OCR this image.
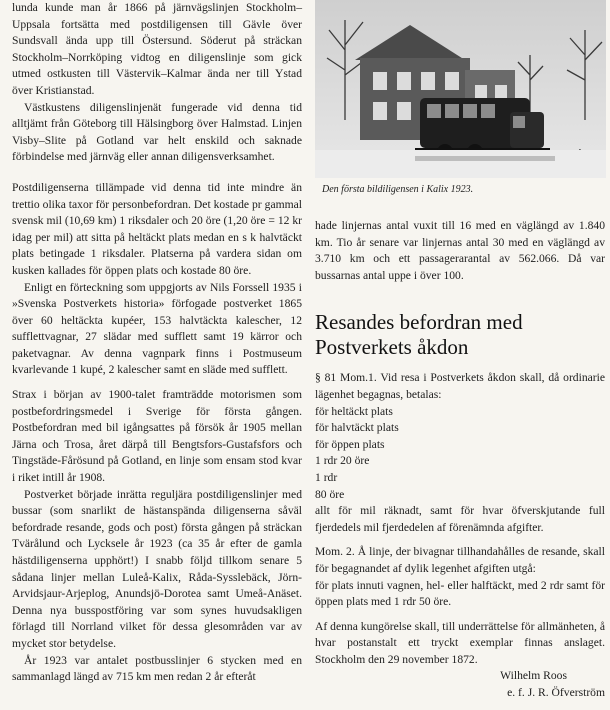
lunda kunde man år 1866 på järnvägslinjen Stockholm–Uppsala fortsätta med postdiligensen till Gävle över Sundsvall ända upp till Östersund. Söderut på sträckan Stockholm–Norrköping vidtog en diligenslinje som gick utmed ostkusten till Västervik–Kalmar ända ner till Ystad över Kristianstad.

Västkustens diligenslinjenät fungerade vid denna tid alltjämt från Göteborg till Hälsingborg över Halmstad. Linjen Visby–Slite på Gotland var helt enskild och saknade förbindelse med järnväg eller annan diligensverksamhet.

Postdiligenserna tillämpade vid denna tid inte mindre än trettio olika taxor för personbefordran. Det kostade pr gammal svensk mil (10,69 km) 1 riksdaler och 20 öre (1,20 öre = 12 kr idag per mil) att sitta på heltäckt plats medan en s k halvtäckt plats betingade 1 riksdaler. Platserna på vardera sidan om kusken kallades för öppen plats och kostade 80 öre.

Enligt en förteckning som uppgjorts av Nils Forssell 1935 i »Svenska Postverkets historia» förfogade postverket 1865 över 60 heltäckta kupéer, 153 halvtäckta kalescher, 12 sufflettvagnar, 27 slädar med sufflett samt 19 kärror och paketvagnar. Av denna vagnpark finns i Postmuseum kvarlevande 1 kupé, 2 kalescher samt en släde med sufflett.

Strax i början av 1900-talet framträdde motorismen som postbefordringsmedel i Sverige för första gången. Postbefordran med bil igångsattes på försök år 1905 mellan Järna och Trosa, året därpå till Bengtsfors-Gustafsfors och Tingstäde-Fårösund på Gotland, en linje som ensam stod kvar i riket intill år 1908.

Postverket började inrätta reguljära postdiligenslinjer med bussar (som snarlikt de hästanspända diligenserna såväl befordrade resande, gods och post) första gången på sträckan Tvärålund och Lycksele år 1923 (ca 35 år efter de gamla hästdiligenserna upphört!) I snabb följd tillkom senare 5 sådana linjer mellan Luleå-Kalix, Råda-Sysslebäck, Jörn-Arvidsjaur-Arjeplog, Anundsjö-Dorotea samt Umeå-Anäset. Denna nya busspostföring var som synes huvudsakligen förlagd till Norrland vilket för dessa glesområden var av mycket stor betydelse.

År 1923 var antalet postbusslinjer 6 stycken med en sammanlagd längd av 715 km men redan 2 år efteråt

Den första bildiligensen i Kalix 1923.

hade linjernas antal vuxit till 16 med en väglängd av 1.840 km. Tio år senare var linjernas antal 30 med en väglängd av 3.710 km och ett passagerarantal av 562.066. Då var bussarnas antal uppe i över 100.

Resandes befordran med Postverkets åkdon

§ 81 Mom.1. Vid resa i Postverkets åkdon skall, då ordinarie lägenhet begagnas, betalas:

för heltäckt plats

för halvtäckt plats

för öppen plats

1 rdr 20 öre

1 rdr

80 öre

allt för mil räknadt, samt för hvar öfverskjutande full fjerdedels mil fjerdedelen af förenämnda afgifter.

Mom. 2. Å linje, der bivagnar tillhandahålles de resande, skall för begagnandet af dylik legenhet afgiften utgå:

för plats innuti vagnen, hel- eller halftäckt, med 2 rdr samt för öppen plats med 1 rdr 50 öre.

Af denna kungörelse skall, till underrättelse för allmänheten, å hvar postanstalt ett tryckt exemplar finnas anslaget. Stockholm den 29 november 1872.

Wilhelm Roos

e. f. J. R. Öfverström
